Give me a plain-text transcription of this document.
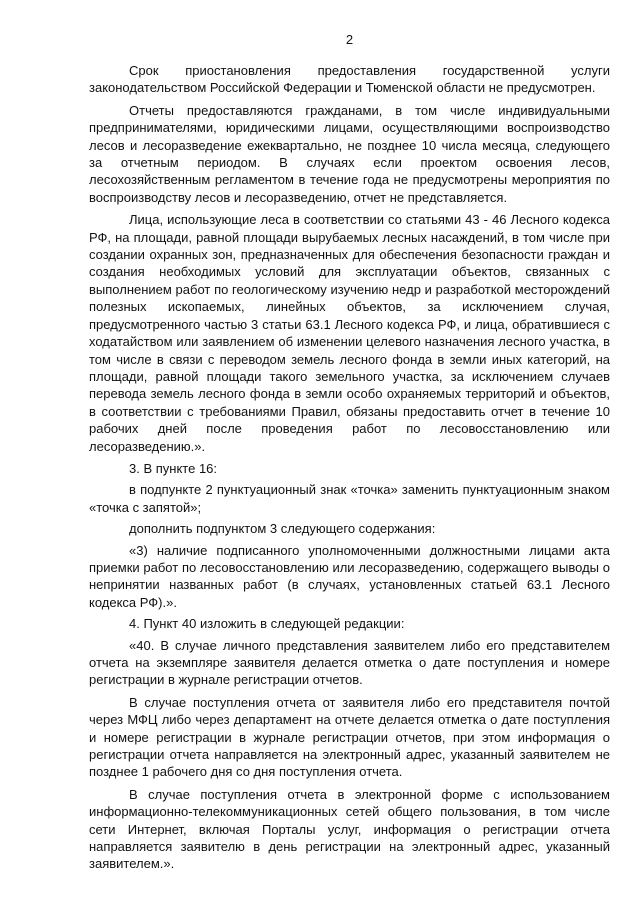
2

Срок приостановления предоставления государственной услуги законодательством Российской Федерации и Тюменской области не предусмотрен.

Отчеты предоставляются гражданами, в том числе индивидуальными предпринимателями, юридическими лицами, осуществляющими воспроизводство лесов и лесоразведение ежеквартально, не позднее 10 числа месяца, следующего за отчетным периодом. В случаях если проектом освоения лесов, лесохозяйственным регламентом в течение года не предусмотрены мероприятия по воспроизводству лесов и лесоразведению, отчет не представляется.

Лица, использующие леса в соответствии со статьями 43 - 46 Лесного кодекса РФ, на площади, равной площади вырубаемых лесных насаждений, в том числе при создании охранных зон, предназначенных для обеспечения безопасности граждан и создания необходимых условий для эксплуатации объектов, связанных с выполнением работ по геологическому изучению недр и разработкой месторождений полезных ископаемых, линейных объектов, за исключением случая, предусмотренного частью 3 статьи 63.1 Лесного кодекса РФ, и лица, обратившиеся с ходатайством или заявлением об изменении целевого назначения лесного участка, в том числе в связи с переводом земель лесного фонда в земли иных категорий, на площади, равной площади такого земельного участка, за исключением случаев перевода земель лесного фонда в земли особо охраняемых территорий и объектов, в соответствии с требованиями Правил, обязаны предоставить отчет в течение 10 рабочих дней после проведения работ по лесовосстановлению или лесоразведению.».

3. В пункте 16:

в подпункте 2 пунктуационный знак «точка» заменить пунктуационным знаком «точка с запятой»;

дополнить подпунктом 3 следующего содержания:

«3) наличие подписанного уполномоченными должностными лицами акта приемки работ по лесовосстановлению или лесоразведению, содержащего выводы о непринятии названных работ (в случаях, установленных статьей 63.1 Лесного кодекса РФ).».

4. Пункт 40 изложить в следующей редакции:

«40. В случае личного представления заявителем либо его представителем отчета на экземпляре заявителя делается отметка о дате поступления и номере регистрации в журнале регистрации отчетов.

В случае поступления отчета от заявителя либо его представителя почтой через МФЦ либо через департамент на отчете делается отметка о дате поступления и номере регистрации в журнале регистрации отчетов, при этом информация о регистрации отчета направляется на электронный адрес, указанный заявителем не позднее 1 рабочего дня со дня поступления отчета.

В случае поступления отчета в электронной форме с использованием информационно-телекоммуникационных сетей общего пользования, в том числе сети Интернет, включая Порталы услуг, информация о регистрации отчета направляется заявителю в день регистрации на электронный адрес, указанный заявителем.».
